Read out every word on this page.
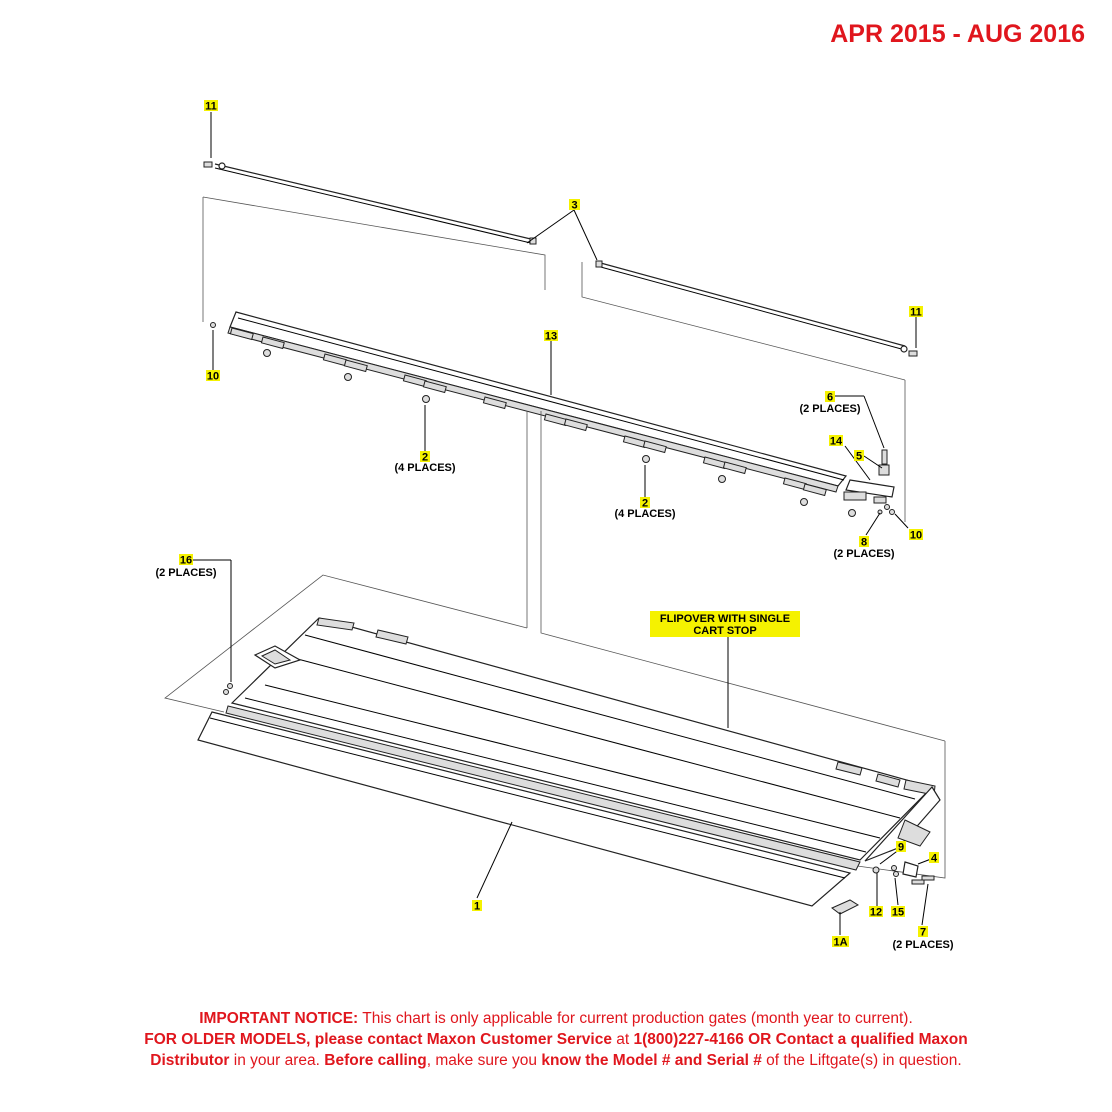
APR 2015 - AUG 2016
11
3
11
13
10
6
(2 PLACES)
14
5
2
(4 PLACES)
2
(4 PLACES)
10
8
(2 PLACES)
16
(2 PLACES)
FLIPOVER WITH SINGLE
CART STOP
9
4
1	12 15
7
(2 PLACES)
1A
IMPORTANT NOTICE: This chart is only applicable for current production gates (month year to current).
FOR OLDER MODELS, please contact Maxon Customer Service at 1(800)227-4166 OR Contact a qualified Maxon
Distributor in your area. Before calling, make sure you know the Model # and Serial # of the Liftgate(s) in question.
